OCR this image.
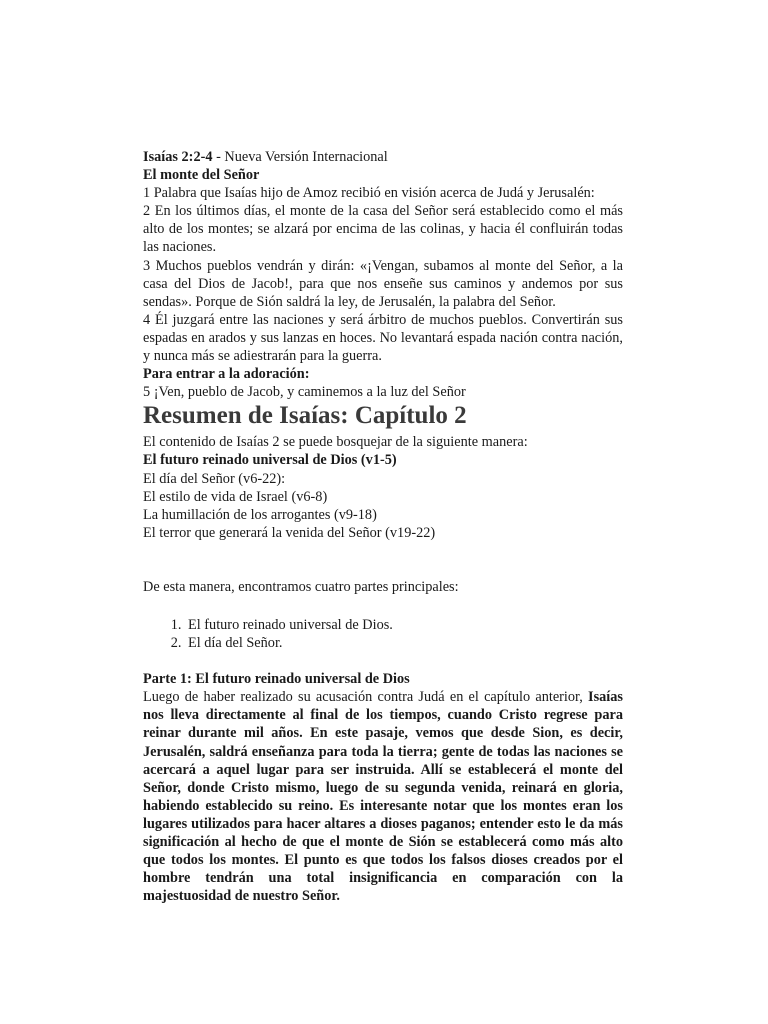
Isaías 2:2-4 - Nueva Versión Internacional

El monte del Señor

1 Palabra que Isaías hijo de Amoz recibió en visión acerca de Judá y Jerusalén:

2 En los últimos días, el monte de la casa del Señor será establecido como el más alto de los montes; se alzará por encima de las colinas, y hacia él confluirán todas las naciones.

3 Muchos pueblos vendrán y dirán: «¡Vengan, subamos al monte del Señor, a la casa del Dios de Jacob!, para que nos enseñe sus caminos y andemos por sus sendas». Porque de Sión saldrá la ley, de Jerusalén, la palabra del Señor.

4 Él juzgará entre las naciones y será árbitro de muchos pueblos. Convertirán sus espadas en arados y sus lanzas en hoces. No levantará espada nación contra nación, y nunca más se adiestrarán para la guerra.

Para entrar a la adoración:

5 ¡Ven, pueblo de Jacob, y caminemos a la luz del Señor

Resumen de Isaías: Capítulo 2

El contenido de Isaías 2 se puede bosquejar de la siguiente manera:

El futuro reinado universal de Dios (v1-5)

El día del Señor (v6-22):

El estilo de vida de Israel (v6-8)

La humillación de los arrogantes (v9-18)

El terror que generará la venida del Señor (v19-22)

De esta manera, encontramos cuatro partes principales:

1. El futuro reinado universal de Dios.
2. El día del Señor.

Parte 1: El futuro reinado universal de Dios

Luego de haber realizado su acusación contra Judá en el capítulo anterior, Isaías nos lleva directamente al final de los tiempos, cuando Cristo regrese para reinar durante mil años. En este pasaje, vemos que desde Sion, es decir, Jerusalén, saldrá enseñanza para toda la tierra; gente de todas las naciones se acercará a aquel lugar para ser instruida. Allí se establecerá el monte del Señor, donde Cristo mismo, luego de su segunda venida, reinará en gloria, habiendo establecido su reino. Es interesante notar que los montes eran los lugares utilizados para hacer altares a dioses paganos; entender esto le da más significación al hecho de que el monte de Sión se establecerá como más alto que todos los montes. El punto es que todos los falsos dioses creados por el hombre tendrán una total insignificancia en comparación con la majestuosidad de nuestro Señor.
